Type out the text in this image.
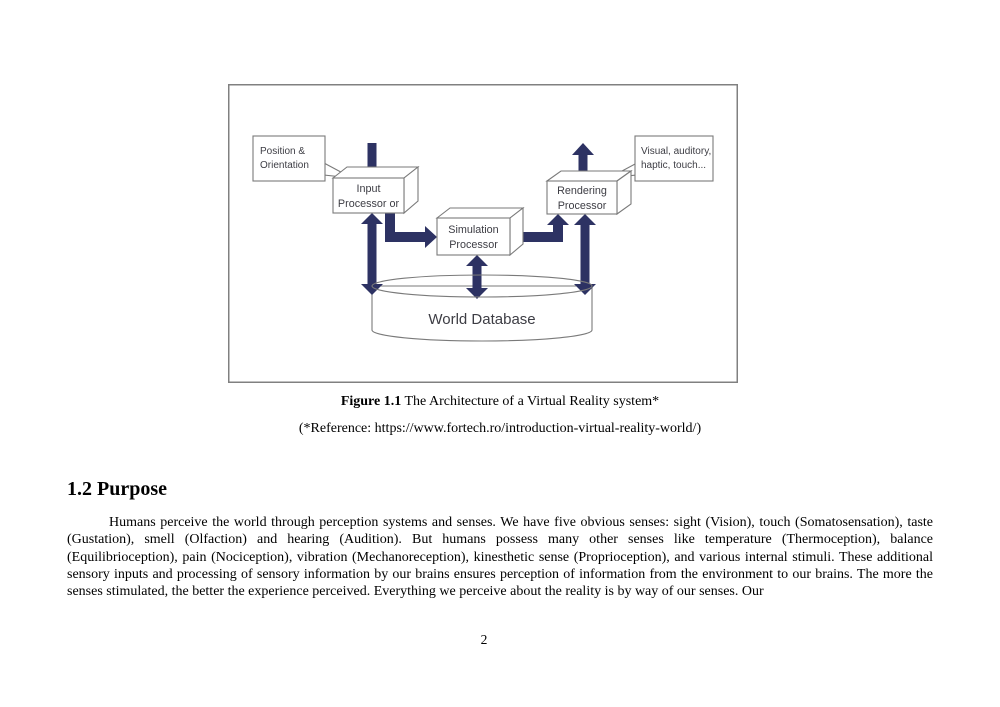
Position &
Orientation
Visual, auditory,
haptic, touch...
Input
Processor or
Simulation
Processor
Rendering
Processor
World Database
Figure 1.1 The Architecture of a Virtual Reality system*
(*Reference: https://www.fortech.ro/introduction-virtual-reality-world/)
1.2 Purpose

Humans perceive the world through perception systems and senses. We have five obvious senses: sight (Vision), touch (Somatosensation), taste (Gustation), smell (Olfaction) and hearing (Audition). But humans possess many other senses like temperature (Thermoception), balance (Equilibrioception), pain (Nociception), vibration (Mechanoreception), kinesthetic sense (Proprioception), and various internal stimuli. These additional sensory inputs and processing of sensory information by our brains ensures perception of information from the environment to our brains. The more the senses stimulated, the better the experience perceived. Everything we perceive about the reality is by way of our senses. Our

2
